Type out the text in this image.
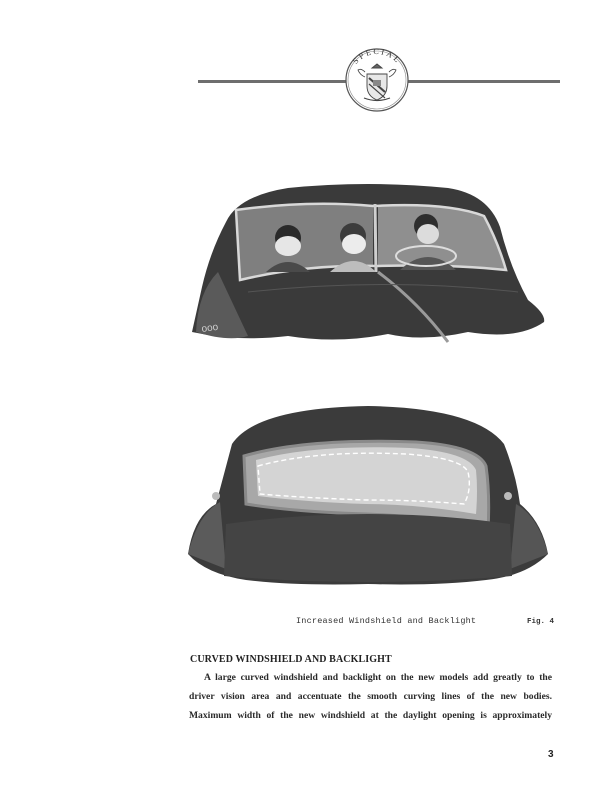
SPECIAL
ooo
Increased Windshield and Backlight	Fig. 4
CURVED WINDSHIELD AND BACKLIGHT
A large curved windshield and backlight on the new models add greatly to the
driver vision area and accentuate the smooth curving lines of the new bodies.
Maximum width of the new windshield at the daylight opening is approximately
3
